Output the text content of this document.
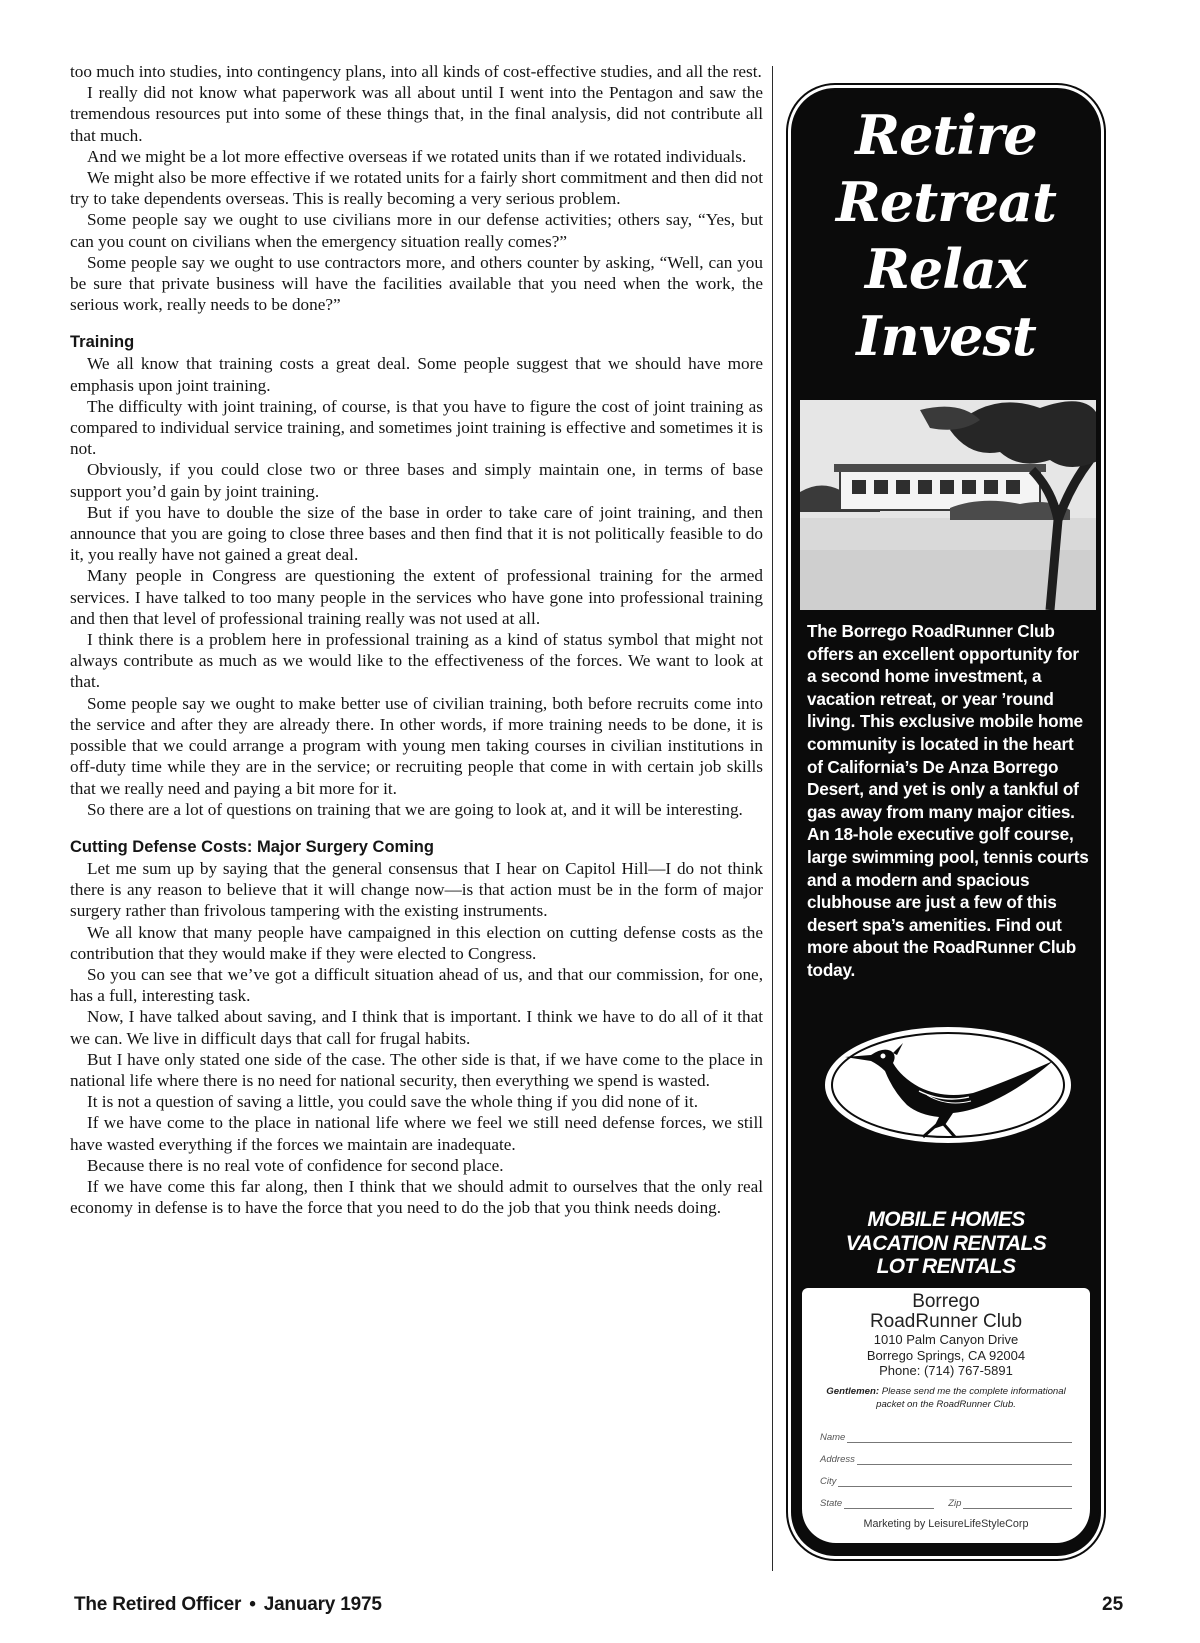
too much into studies, into contingency plans, into all kinds of cost-effective studies, and all the rest.

I really did not know what paperwork was all about until I went into the Pentagon and saw the tremendous resources put into some of these things that, in the final analysis, did not contribute all that much.

And we might be a lot more effective overseas if we rotated units than if we rotated individuals.

We might also be more effective if we rotated units for a fairly short commitment and then did not try to take dependents overseas. This is really becoming a very serious problem.

Some people say we ought to use civilians more in our defense activities; others say, “Yes, but can you count on civilians when the emergency situation really comes?”

Some people say we ought to use contractors more, and others counter by asking, “Well, can you be sure that private business will have the facilities available that you need when the work, the serious work, really needs to be done?”

Training

We all know that training costs a great deal. Some people suggest that we should have more emphasis upon joint training.

The difficulty with joint training, of course, is that you have to figure the cost of joint training as compared to individual service training, and sometimes joint training is effective and sometimes it is not.

Obviously, if you could close two or three bases and simply maintain one, in terms of base support you’d gain by joint training.

But if you have to double the size of the base in order to take care of joint training, and then announce that you are going to close three bases and then find that it is not politically feasible to do it, you really have not gained a great deal.

Many people in Congress are questioning the extent of professional training for the armed services. I have talked to too many people in the services who have gone into professional training and then that level of professional training really was not used at all.

I think there is a problem here in professional training as a kind of status symbol that might not always contribute as much as we would like to the effectiveness of the forces. We want to look at that.

Some people say we ought to make better use of civilian training, both before recruits come into the service and after they are already there. In other words, if more training needs to be done, it is possible that we could arrange a program with young men taking courses in civilian institutions in off-duty time while they are in the service; or recruiting people that come in with certain job skills that we really need and paying a bit more for it.

So there are a lot of questions on training that we are going to look at, and it will be interesting.

Cutting Defense Costs: Major Surgery Coming

Let me sum up by saying that the general consensus that I hear on Capitol Hill—I do not think there is any reason to believe that it will change now—is that action must be in the form of major surgery rather than frivolous tampering with the existing instruments.

We all know that many people have campaigned in this election on cutting defense costs as the contribution that they would make if they were elected to Congress.

So you can see that we’ve got a difficult situation ahead of us, and that our commission, for one, has a full, interesting task.

Now, I have talked about saving, and I think that is important. I think we have to do all of it that we can. We live in difficult days that call for frugal habits.

But I have only stated one side of the case. The other side is that, if we have come to the place in national life where there is no need for national security, then everything we spend is wasted.

It is not a question of saving a little, you could save the whole thing if you did none of it.

If we have come to the place in national life where we feel we still need defense forces, we still have wasted everything if the forces we maintain are inadequate.

Because there is no real vote of confidence for second place.

If we have come this far along, then I think that we should admit to ourselves that the only real economy in defense is to have the force that you need to do the job that you think needs doing.

Retire
Retreat
Relax
Invest
The Borrego RoadRunner Club offers an excellent opportunity for a second home investment, a vacation retreat, or year ’round living. This exclusive mobile home community is located in the heart of California’s De Anza Borrego Desert, and yet is only a tankful of gas away from many major cities. An 18-hole executive golf course, large swimming pool, tennis courts and a modern and spacious clubhouse are just a few of this desert spa’s amenities. Find out more about the RoadRunner Club today.
MOBILE HOMES
VACATION RENTALS
LOT RENTALS
Borrego
RoadRunner Club
1010 Palm Canyon Drive
Borrego Springs, CA 92004
Phone: (714) 767-5891
Gentlemen: Please send me the complete informational packet on the RoadRunner Club.
Name
Address
City
State	Zip
Marketing by LeisureLifeStyleCorp
The Retired Officer • January 1975	25
